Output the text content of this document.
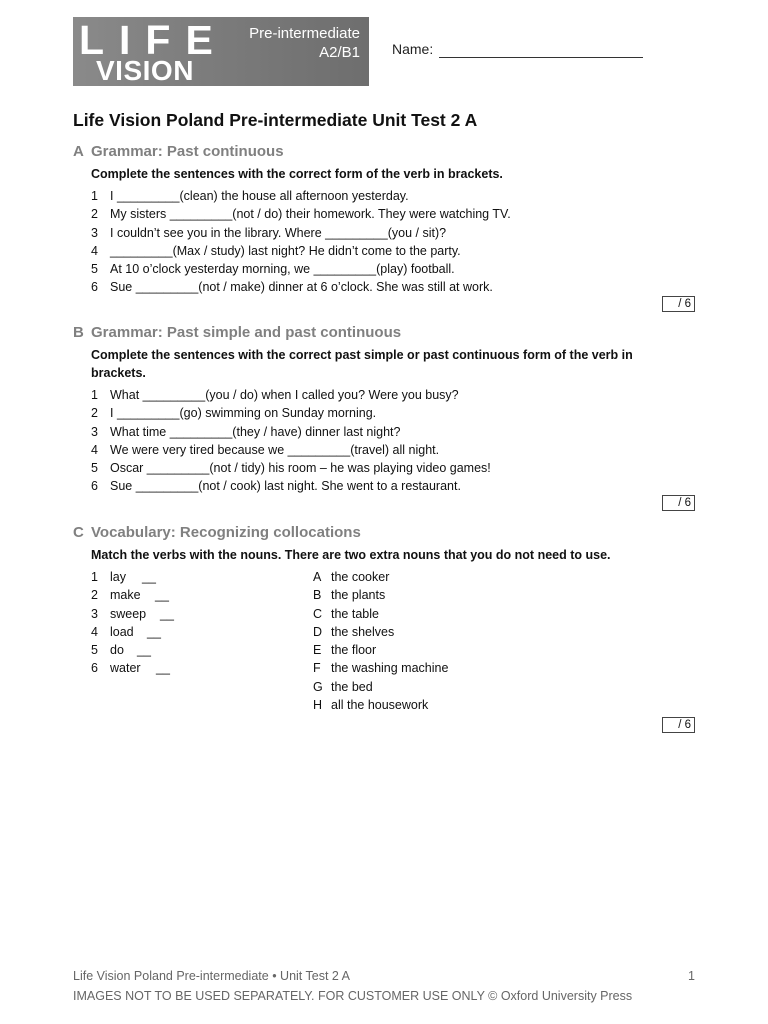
LIFE
VISION
Pre-intermediate
A2/B1 Name:
Life Vision Poland Pre-intermediate Unit Test 2 A
A Grammar: Past continuous
Complete the sentences with the correct form of the verb in brackets.
1 I _________(clean) the house all afternoon yesterday.
2 My sisters _________(not / do) their homework. They were watching TV.
3 I couldn’t see you in the library. Where _________(you / sit)?
4 _________(Max / study) last night? He didn’t come to the party.
5 At 10 o’clock yesterday morning, we _________(play) football.
6 Sue _________(not / make) dinner at 6 o’clock. She was still at work.
/ 6
B Grammar: Past simple and past continuous
Complete the sentences with the correct past simple or past continuous form of the verb in brackets.
1 What _________(you / do) when I called you? Were you busy?
2 I _________(go) swimming on Sunday morning.
3 What time _________(they / have) dinner last night?
4 We were very tired because we _________(travel) all night.
5 Oscar _________(not / tidy) his room – he was playing video games!
6 Sue _________(not / cook) last night. She went to a restaurant.
/ 6
C Vocabulary: Recognizing collocations
Match the verbs with the nouns. There are two extra nouns that you do not need to use.
1 lay	__
2 make	__
3 sweep	__
4 load	__
5 do	__
6 water	__
A the cooker
B the plants
C the table
D the shelves
E the floor
F the washing machine
G the bed
H all the housework
/ 6
Life Vision Poland Pre-intermediate • Unit Test 2 A	1
IMAGES NOT TO BE USED SEPARATELY. FOR CUSTOMER USE ONLY © Oxford University Press
